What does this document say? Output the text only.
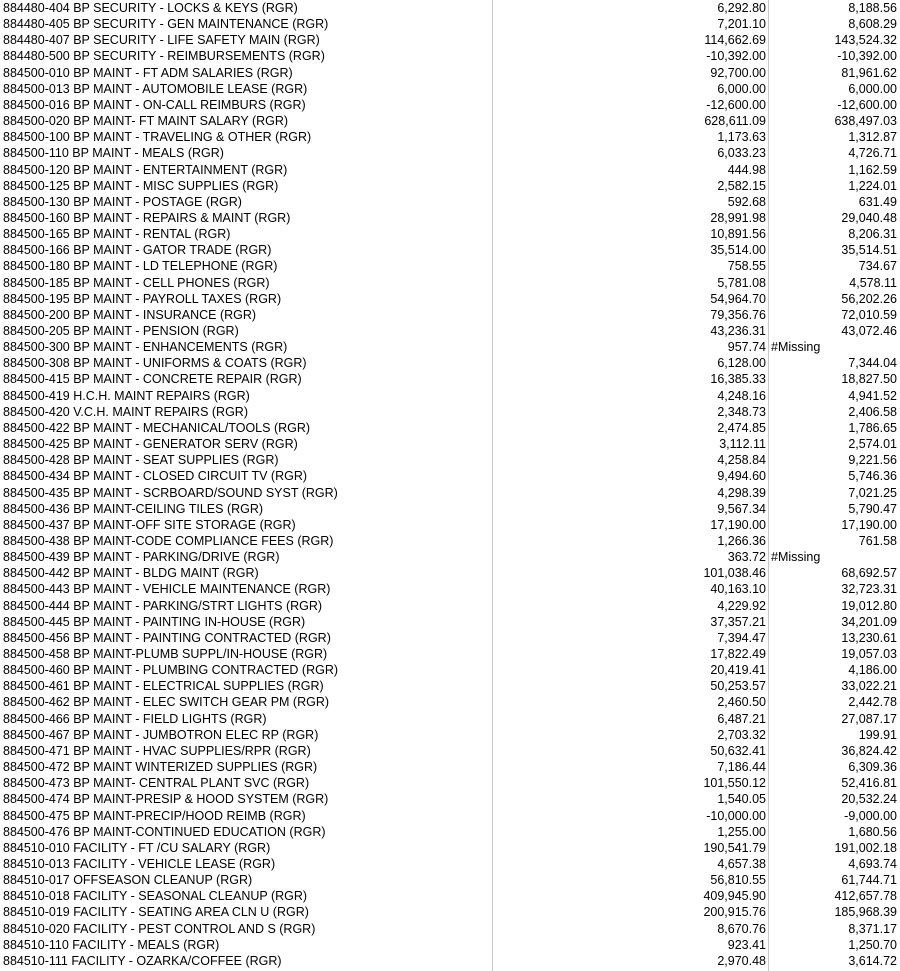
884480-404 BP SECURITY - LOCKS & KEYS (RGR)	6,292.80	8,188.56
884480-405 BP SECURITY - GEN MAINTENANCE (RGR)	7,201.10	8,608.29
884480-407 BP SECURITY - LIFE SAFETY MAIN (RGR)	114,662.69	143,524.32
884480-500 BP SECURITY - REIMBURSEMENTS (RGR)	-10,392.00	-10,392.00
884500-010 BP MAINT - FT ADM SALARIES (RGR)	92,700.00	81,961.62
884500-013 BP MAINT - AUTOMOBILE LEASE (RGR)	6,000.00	6,000.00
884500-016 BP MAINT - ON-CALL REIMBURS (RGR)	-12,600.00	-12,600.00
884500-020 BP MAINT- FT MAINT SALARY (RGR)	628,611.09	638,497.03
884500-100 BP MAINT - TRAVELING & OTHER (RGR)	1,173.63	1,312.87
884500-110 BP MAINT - MEALS (RGR)	6,033.23	4,726.71
884500-120 BP MAINT - ENTERTAINMENT (RGR)	444.98	1,162.59
884500-125 BP MAINT - MISC SUPPLIES (RGR)	2,582.15	1,224.01
884500-130 BP MAINT - POSTAGE (RGR)	592.68	631.49
884500-160 BP MAINT - REPAIRS & MAINT (RGR)	28,991.98	29,040.48
884500-165 BP MAINT - RENTAL (RGR)	10,891.56	8,206.31
884500-166 BP MAINT - GATOR TRADE (RGR)	35,514.00	35,514.51
884500-180 BP MAINT - LD TELEPHONE (RGR)	758.55	734.67
884500-185 BP MAINT - CELL PHONES (RGR)	5,781.08	4,578.11
884500-195 BP MAINT - PAYROLL TAXES (RGR)	54,964.70	56,202.26
884500-200 BP MAINT - INSURANCE (RGR)	79,356.76	72,010.59
884500-205 BP MAINT - PENSION (RGR)	43,236.31	43,072.46
884500-300 BP MAINT - ENHANCEMENTS (RGR)	957.74 #Missing
884500-308 BP MAINT - UNIFORMS & COATS (RGR)	6,128.00	7,344.04
884500-415 BP MAINT - CONCRETE REPAIR (RGR)	16,385.33	18,827.50
884500-419 H.C.H. MAINT REPAIRS (RGR)	4,248.16	4,941.52
884500-420 V.C.H. MAINT REPAIRS (RGR)	2,348.73	2,406.58
884500-422 BP MAINT - MECHANICAL/TOOLS (RGR)	2,474.85	1,786.65
884500-425 BP MAINT - GENERATOR SERV (RGR)	3,112.11	2,574.01
884500-428 BP MAINT - SEAT SUPPLIES (RGR)	4,258.84	9,221.56
884500-434 BP MAINT - CLOSED CIRCUIT TV (RGR)	9,494.60	5,746.36
884500-435 BP MAINT - SCRBOARD/SOUND SYST (RGR)	4,298.39	7,021.25
884500-436 BP MAINT-CEILING TILES (RGR)	9,567.34	5,790.47
884500-437 BP MAINT-OFF SITE STORAGE (RGR)	17,190.00	17,190.00
884500-438 BP MAINT-CODE COMPLIANCE FEES (RGR)	1,266.36	761.58
884500-439 BP MAINT - PARKING/DRIVE (RGR)	363.72 #Missing
884500-442 BP MAINT - BLDG MAINT (RGR)	101,038.46	68,692.57
884500-443 BP MAINT - VEHICLE MAINTENANCE (RGR)	40,163.10	32,723.31
884500-444 BP MAINT - PARKING/STRT LIGHTS (RGR)	4,229.92	19,012.80
884500-445 BP MAINT - PAINTING IN-HOUSE (RGR)	37,357.21	34,201.09
884500-456 BP MAINT - PAINTING CONTRACTED (RGR)	7,394.47	13,230.61
884500-458 BP MAINT-PLUMB SUPPL/IN-HOUSE (RGR)	17,822.49	19,057.03
884500-460 BP MAINT - PLUMBING CONTRACTED (RGR)	20,419.41	4,186.00
884500-461 BP MAINT - ELECTRICAL SUPPLIES (RGR)	50,253.57	33,022.21
884500-462 BP MAINT - ELEC SWITCH GEAR PM (RGR)	2,460.50	2,442.78
884500-466 BP MAINT - FIELD LIGHTS (RGR)	6,487.21	27,087.17
884500-467 BP MAINT - JUMBOTRON ELEC RP (RGR)	2,703.32	199.91
884500-471 BP MAINT - HVAC SUPPLIES/RPR (RGR)	50,632.41	36,824.42
884500-472 BP MAINT WINTERIZED SUPPLIES (RGR)	7,186.44	6,309.36
884500-473 BP MAINT- CENTRAL PLANT SVC (RGR)	101,550.12	52,416.81
884500-474 BP MAINT-PRESIP & HOOD SYSTEM (RGR)	1,540.05	20,532.24
884500-475 BP MAINT-PRECIP/HOOD REIMB (RGR)	-10,000.00	-9,000.00
884500-476 BP MAINT-CONTINUED EDUCATION (RGR)	1,255.00	1,680.56
884510-010 FACILITY - FT /CU SALARY (RGR)	190,541.79	191,002.18
884510-013 FACILITY - VEHICLE LEASE (RGR)	4,657.38	4,693.74
884510-017 OFFSEASON CLEANUP (RGR)	56,810.55	61,744.71
884510-018 FACILITY - SEASONAL CLEANUP (RGR)	409,945.90	412,657.78
884510-019 FACILITY - SEATING AREA CLN U (RGR)	200,915.76	185,968.39
884510-020 FACILITY - PEST CONTROL AND S (RGR)	8,670.76	8,371.17
884510-110 FACILITY - MEALS (RGR)	923.41	1,250.70
884510-111 FACILITY - OZARKA/COFFEE (RGR)	2,970.48	3,614.72
